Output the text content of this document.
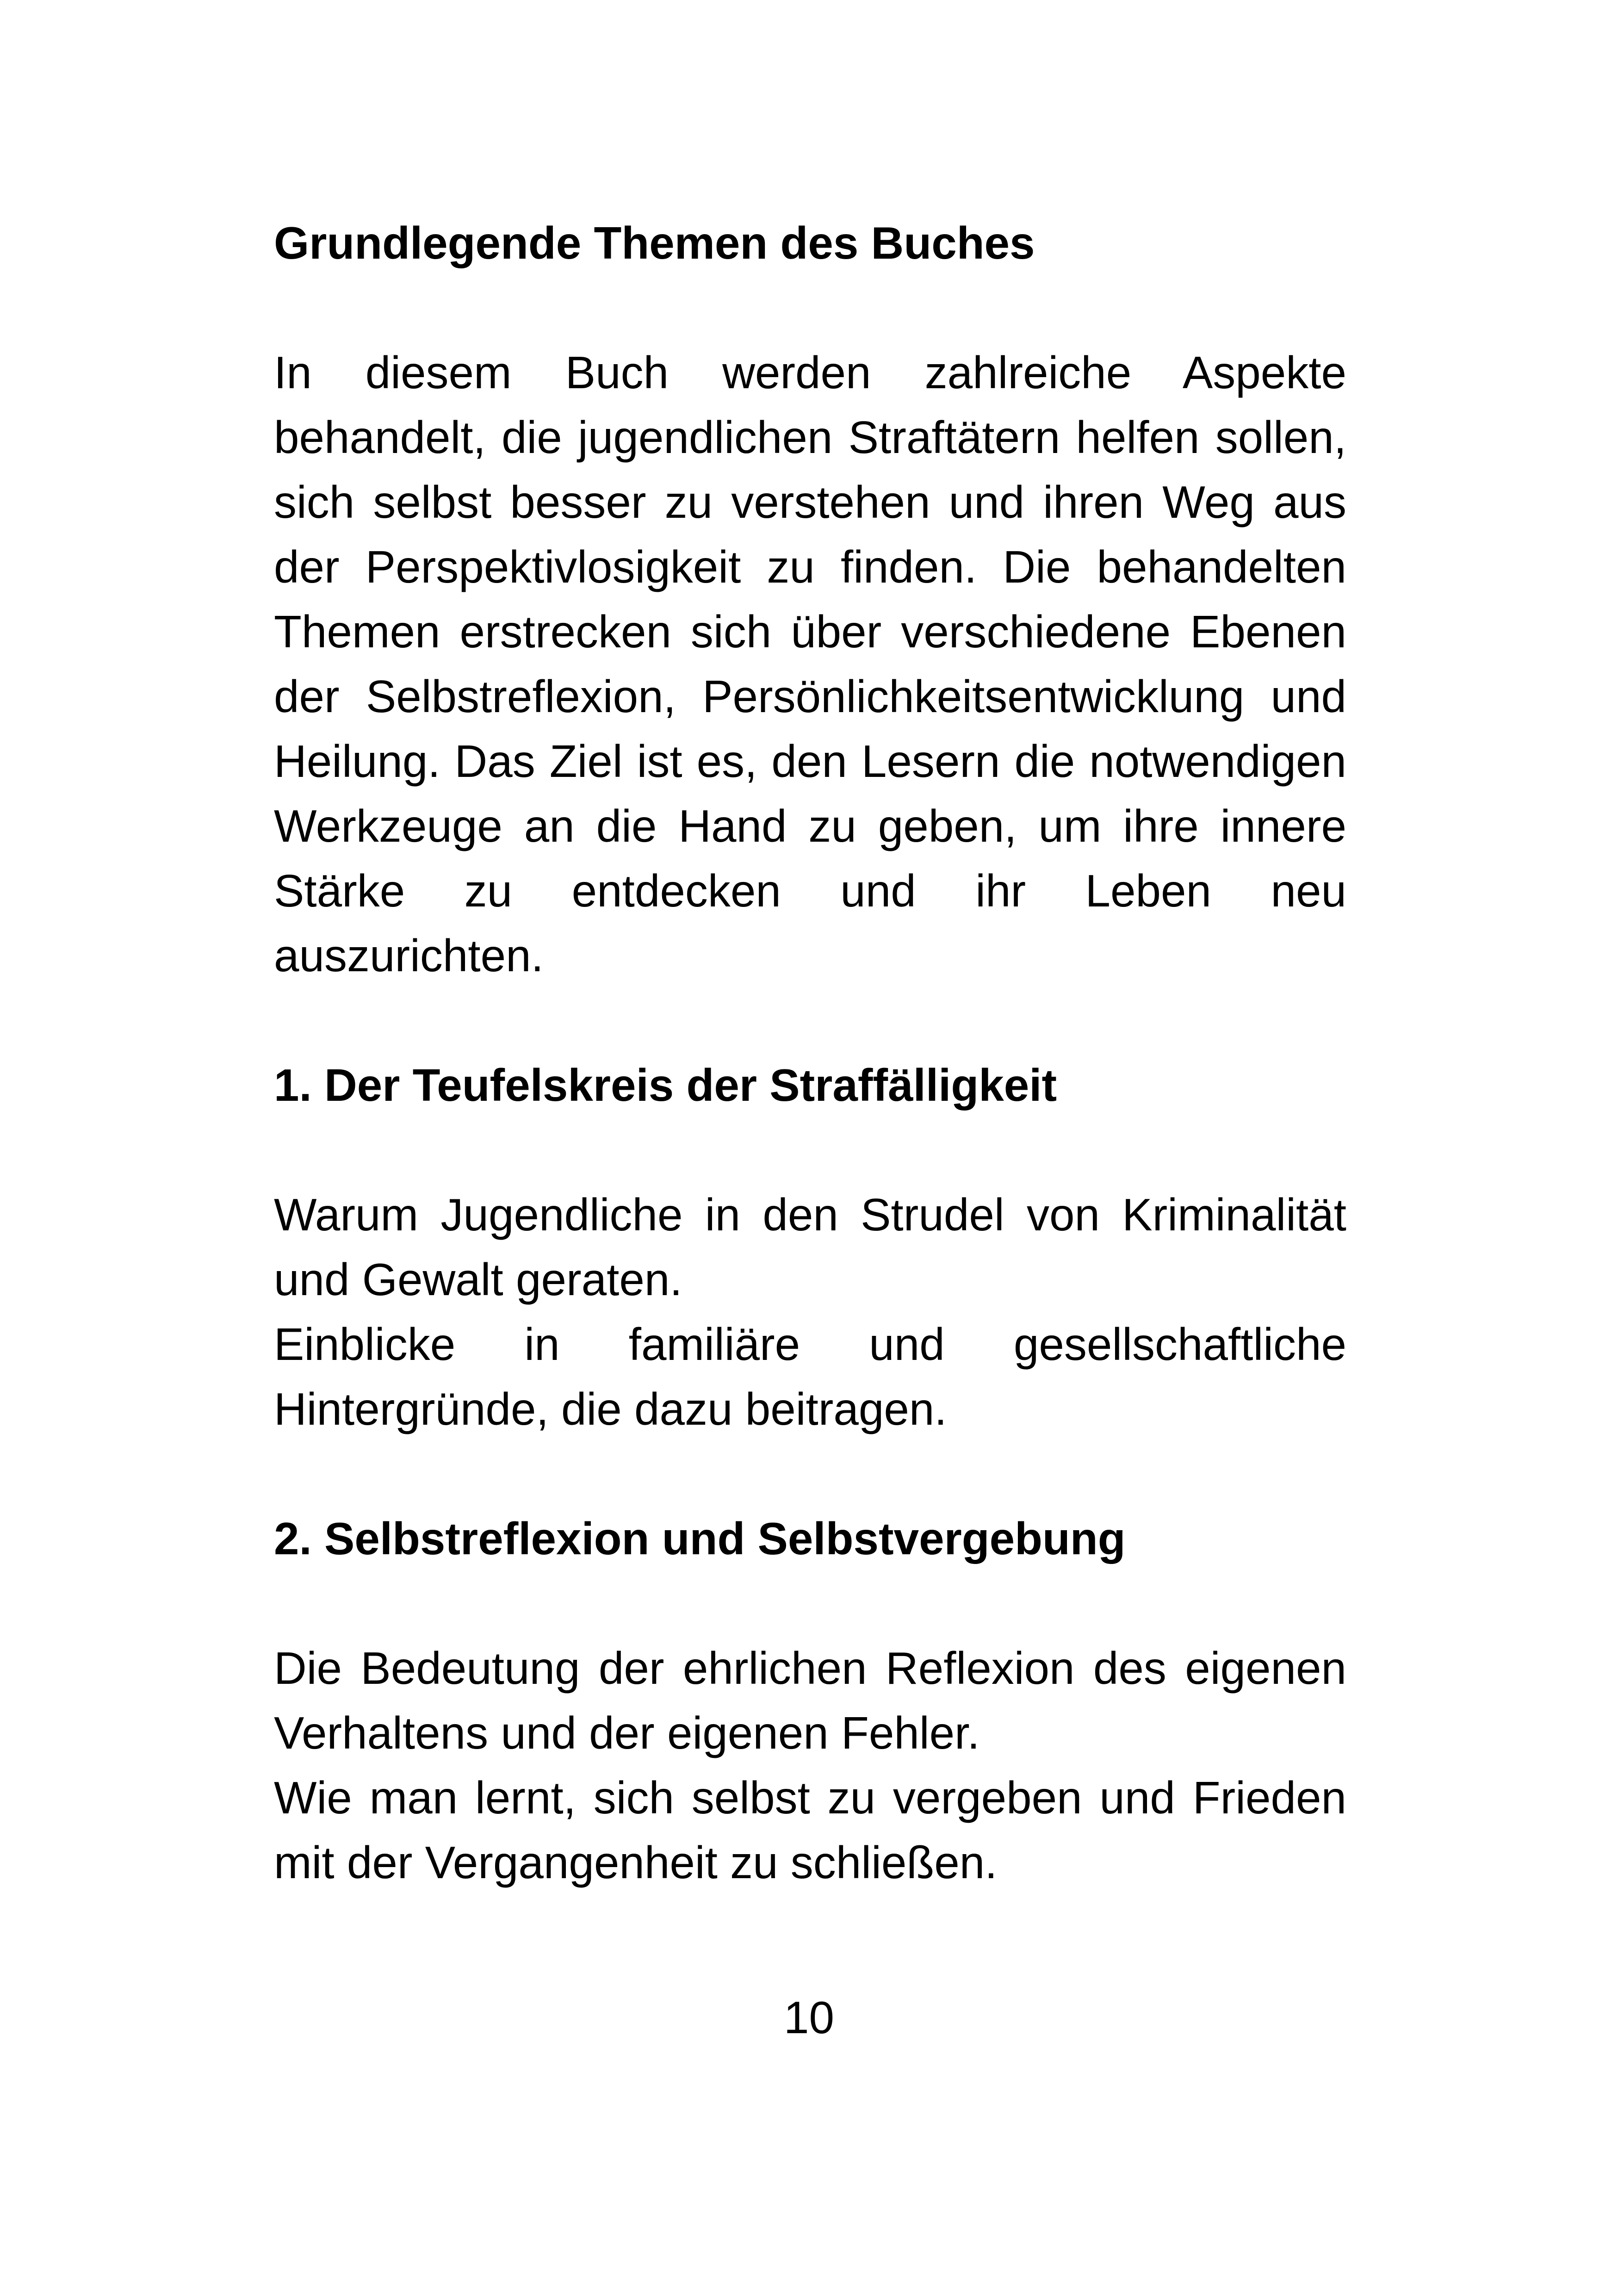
Grundlegende Themen des Buches

In diesem Buch werden zahlreiche Aspekte behandelt, die jugendlichen Straftätern helfen sollen, sich selbst besser zu verstehen und ihren Weg aus der Perspektivlosigkeit zu finden. Die behandelten Themen erstrecken sich über verschiedene Ebenen der Selbstreflexion, Persönlichkeitsentwicklung und Heilung. Das Ziel ist es, den Lesern die notwendigen Werkzeuge an die Hand zu geben, um ihre innere Stärke zu entdecken und ihr Leben neu auszurichten.

1. Der Teufelskreis der Straffälligkeit

Warum Jugendliche in den Strudel von Kriminalität und Gewalt geraten.

Einblicke in familiäre und gesellschaftliche Hintergründe, die dazu beitragen.

2. Selbstreflexion und Selbstvergebung

Die Bedeutung der ehrlichen Reflexion des eigenen Verhaltens und der eigenen Fehler.

Wie man lernt, sich selbst zu vergeben und Frieden mit der Vergangenheit zu schließen.

10
